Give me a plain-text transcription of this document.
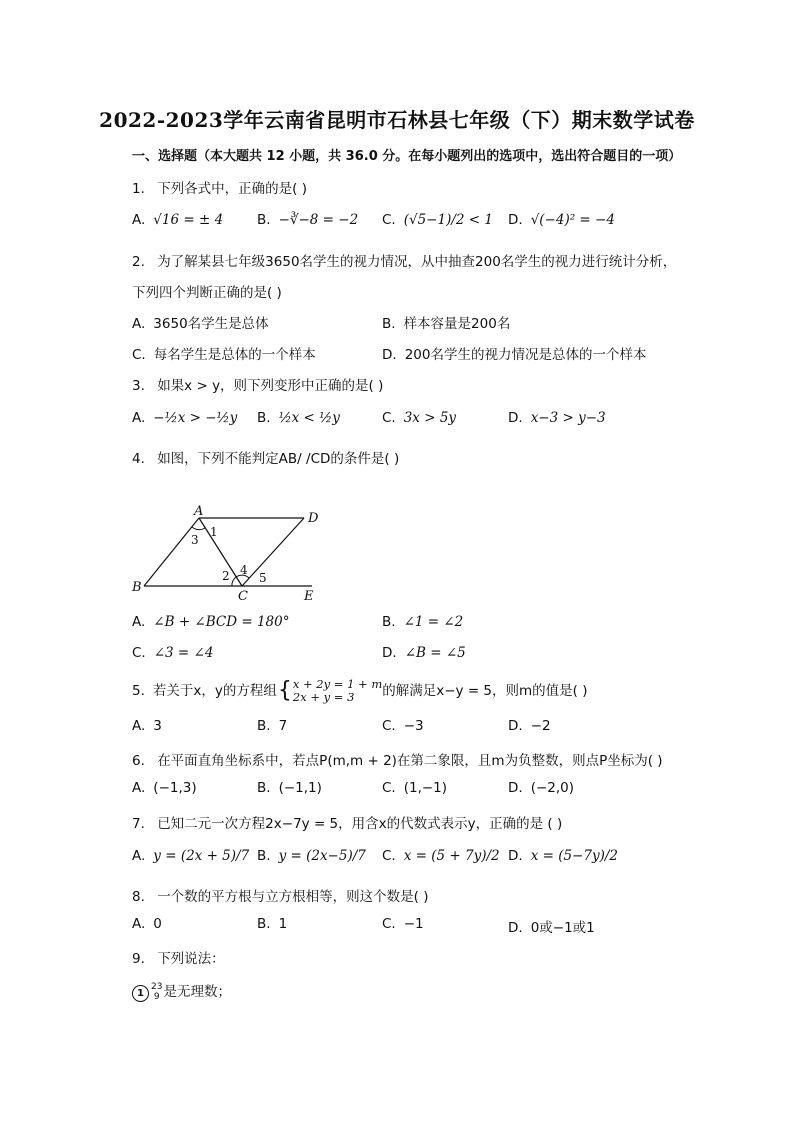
2022-2023学年云南省昆明市石林县七年级（下）期末数学试卷
一、选择题（本大题共 12 小题，共 36.0 分。在每小题列出的选项中，选出符合题目的一项）
1. 下列各式中，正确的是( )
A. √16 = ± 4	B. −∛−8 = −2 C. (√5−1)/2 < 1 D. √(−4)² = −4
2. 为了解某县七年级3650名学生的视力情况，从中抽查200名学生的视力进行统计分析，
下列四个判断正确的是( )
A. 3650名学生是总体	B. 样本容量是200名
C. 每名学生是总体的一个样本	D. 200名学生的视力情况是总体的一个样本
3. 如果x > y，则下列变形中正确的是( )
A. −½x > −½y B. ½x < ½y	C. 3x > 5y	D. x−3 > y−3
4. 如图，下列不能判定AB/ /CD的条件是( )
A
B
C
D
E
1
2
3
4
5
A. ∠B + ∠BCD = 180°	B. ∠1 = ∠2
C. ∠3 = ∠4	D. ∠B = ∠5
5. 若关于x，y的方程组{ x + 2y = 1 + m
2x + y = 3	的解满足x−y = 5，则m的值是( )
A. 3	B. 7	C. −3	D. −2
6. 在平面直角坐标系中，若点P(m,m + 2)在第二象限，且m为负整数，则点P坐标为( )
A. (−1,3)	B. (−1,1)	C. (1,−1)	D. (−2,0)
7. 已知二元一次方程2x−7y = 5，用含x的代数式表示y，正确的是 ( )
A. y = (2x + 5)/7 B. y = (2x−5)/7 C. x = (5 + 7y)/2 D. x = (5−7y)/2
8. 一个数的平方根与立方根相等，则这个数是( )
A. 0	B. 1	C. −1	D. 0或−1或1
9. 下列说法：
1
23
9 是无理数；
